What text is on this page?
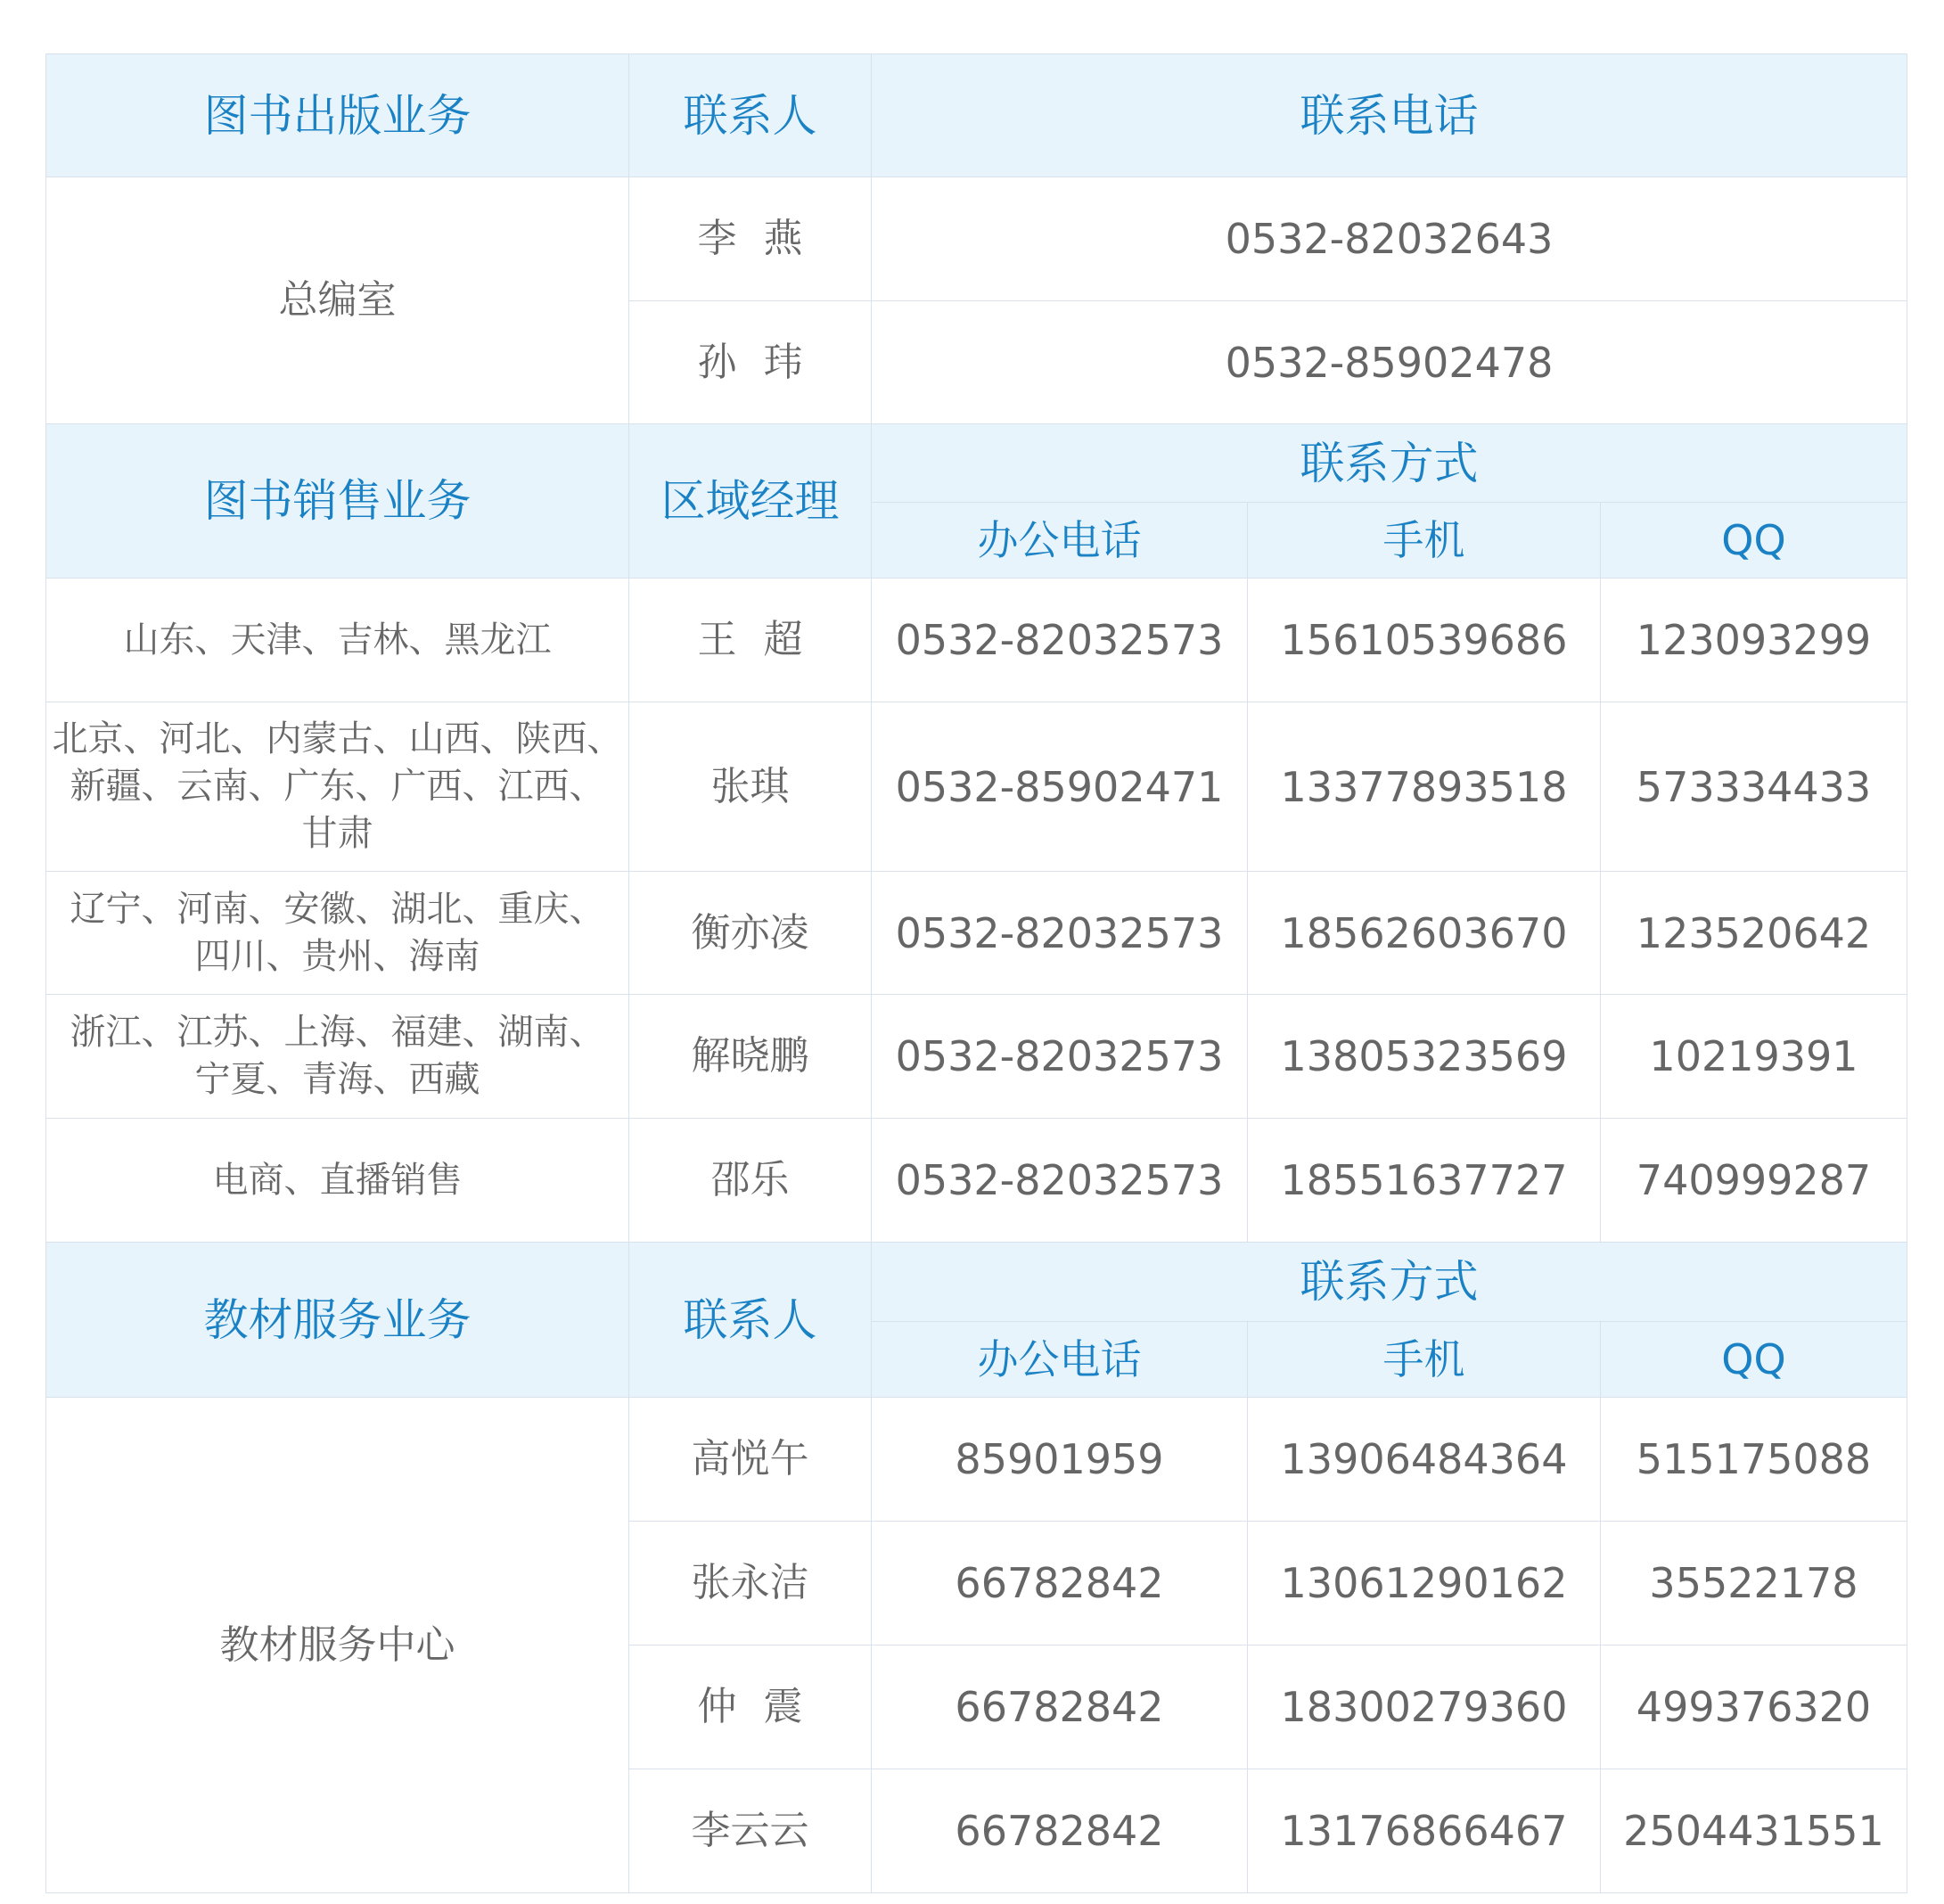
图书出版业务	联系人	联系电话		
总编室	李燕	0532-82032643		
	孙玮	0532-85902478		
图书销售业务	区域经理	联系方式		
		办公电话	手机	QQ
山东、天津、吉林、黑龙江	王超	0532-82032573	15610539686	123093299
北京、河北、内蒙古、山西、陕西、
新疆、云南、广东、广西、江西、
甘肃	张琪	0532-85902471	13377893518	573334433
辽宁、河南、安徽、湖北、重庆、
四川、贵州、海南	衡亦凌	0532-82032573	18562603670	123520642
浙江、江苏、上海、福建、湖南、
宁夏、青海、西藏	解晓鹏	0532-82032573	13805323569	10219391
电商、直播销售	邵乐	0532-82032573	18551637727	740999287
教材服务业务	联系人	联系方式		
		办公电话	手机	QQ
教材服务中心	高悦午	85901959	13906484364	515175088
	张永洁	66782842	13061290162	35522178
	仲震	66782842	18300279360	499376320
	李云云	66782842	13176866467	2504431551
